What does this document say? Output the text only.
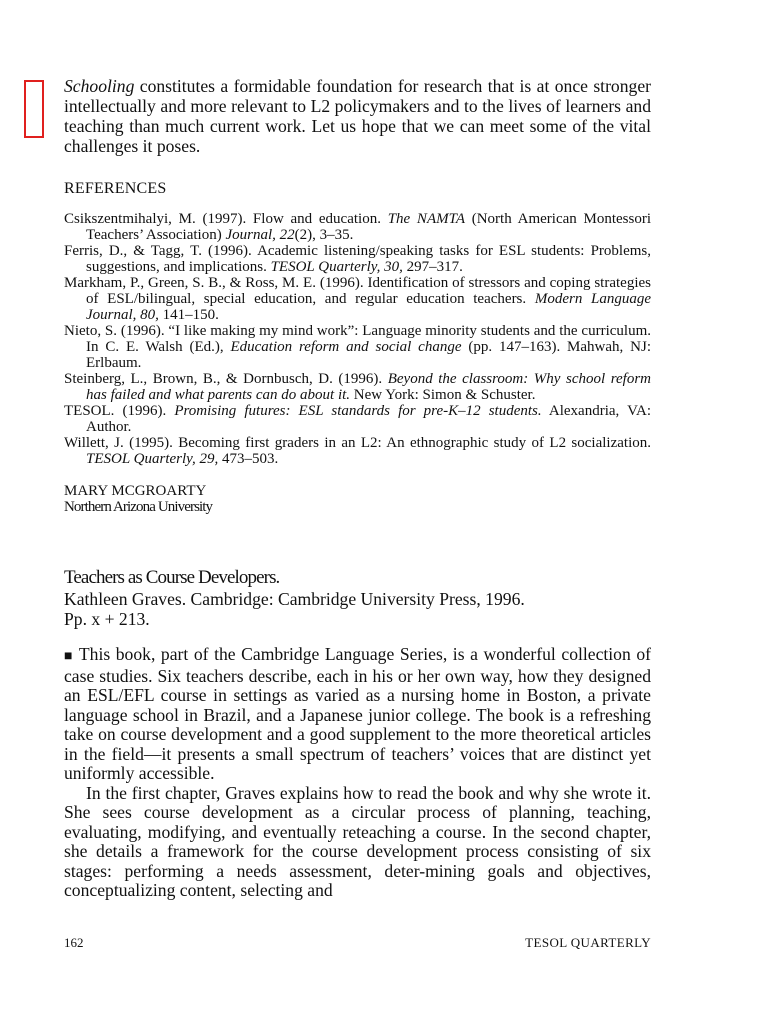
Schooling constitutes a formidable foundation for research that is at once stronger intellectually and more relevant to L2 policymakers and to the lives of learners and teaching than much current work. Let us hope that we can meet some of the vital challenges it poses.

REFERENCES

Csikszentmihalyi, M. (1997). Flow and education. The NAMTA (North American Montessori Teachers’ Association) Journal, 22(2), 3–35.
Ferris, D., & Tagg, T. (1996). Academic listening/speaking tasks for ESL students: Problems, suggestions, and implications. TESOL Quarterly, 30, 297–317.
Markham, P., Green, S. B., & Ross, M. E. (1996). Identification of stressors and coping strategies of ESL/bilingual, special education, and regular education teachers. Modern Language Journal, 80, 141–150.
Nieto, S. (1996). “I like making my mind work”: Language minority students and the curriculum. In C. E. Walsh (Ed.), Education reform and social change (pp. 147–163). Mahwah, NJ: Erlbaum.
Steinberg, L., Brown, B., & Dornbusch, D. (1996). Beyond the classroom: Why school reform has failed and what parents can do about it. New York: Simon & Schuster.
TESOL. (1996). Promising futures: ESL standards for pre-K–12 students. Alexandria, VA: Author.
Willett, J. (1995). Becoming first graders in an L2: An ethnographic study of L2 socialization. TESOL Quarterly, 29, 473–503.
MARY MCGROARTY
Northern Arizona University
Teachers as Course Developers.
Kathleen Graves. Cambridge: Cambridge University Press, 1996.
Pp. x + 213.

■ This book, part of the Cambridge Language Series, is a wonderful collection of case studies. Six teachers describe, each in his or her own way, how they designed an ESL/EFL course in settings as varied as a nursing home in Boston, a private language school in Brazil, and a Japanese junior college. The book is a refreshing take on course development and a good supplement to the more theoretical articles in the field—it presents a small spectrum of teachers’ voices that are distinct yet uniformly accessible.

In the first chapter, Graves explains how to read the book and why she wrote it. She sees course development as a circular process of planning, teaching, evaluating, modifying, and eventually reteaching a course. In the second chapter, she details a framework for the course development process consisting of six stages: performing a needs assessment, deter-mining goals and objectives, conceptualizing content, selecting and

162	TESOL QUARTERLY
